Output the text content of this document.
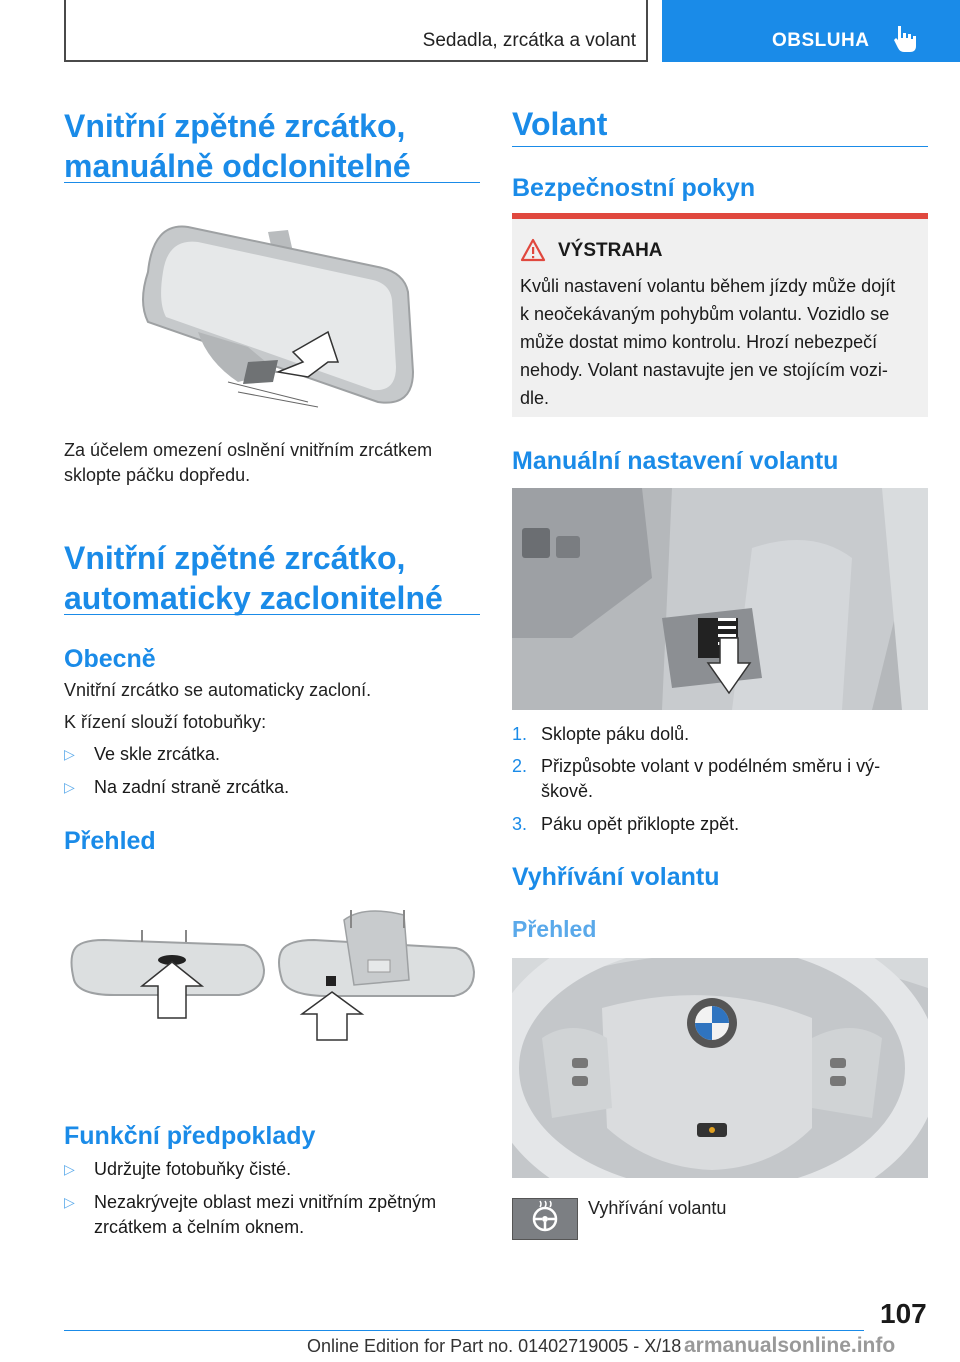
Sedadla, zrcátka a volant	OBSLUHA
Vnitřní zpětné zrcátko,
manuálně odclonitelné

Za účelem omezení oslnění vnitřním zrcátkem
sklopte páčku dopředu.

Vnitřní zpětné zrcátko,
automaticky zaclonitelné
Obecně

Vnitřní zrcátko se automaticky zacloní.

K řízení slouží fotobuňky:

▷ Ve skle zrcátka.
▷ Na zadní straně zrcátka.
Přehled
Funkční předpoklady
▷ Udržujte fotobuňky čisté.
▷ Nezakrývejte oblast mezi vnitřním zpětným
zrcátkem a čelním oknem.
Volant
Bezpečnostní pokyn
VÝSTRAHA
Kvůli nastavení volantu během jízdy může dojít
k neočekávaným pohybům volantu. Vozidlo se
může dostat mimo kontrolu. Hrozí nebezpečí
nehody. Volant nastavujte jen ve stojícím vozi-
dle.
Manuální nastavení volantu
1. Sklopte páku dolů.
2. Přizpůsobte volant v podélném směru i vý-
škově.
3. Páku opět přiklopte zpět.
Vyhřívání volantu
Přehled

Vyhřívání volantu

107
Online Edition for Part no. 01402719005 - X/18 armanualsonline.info
